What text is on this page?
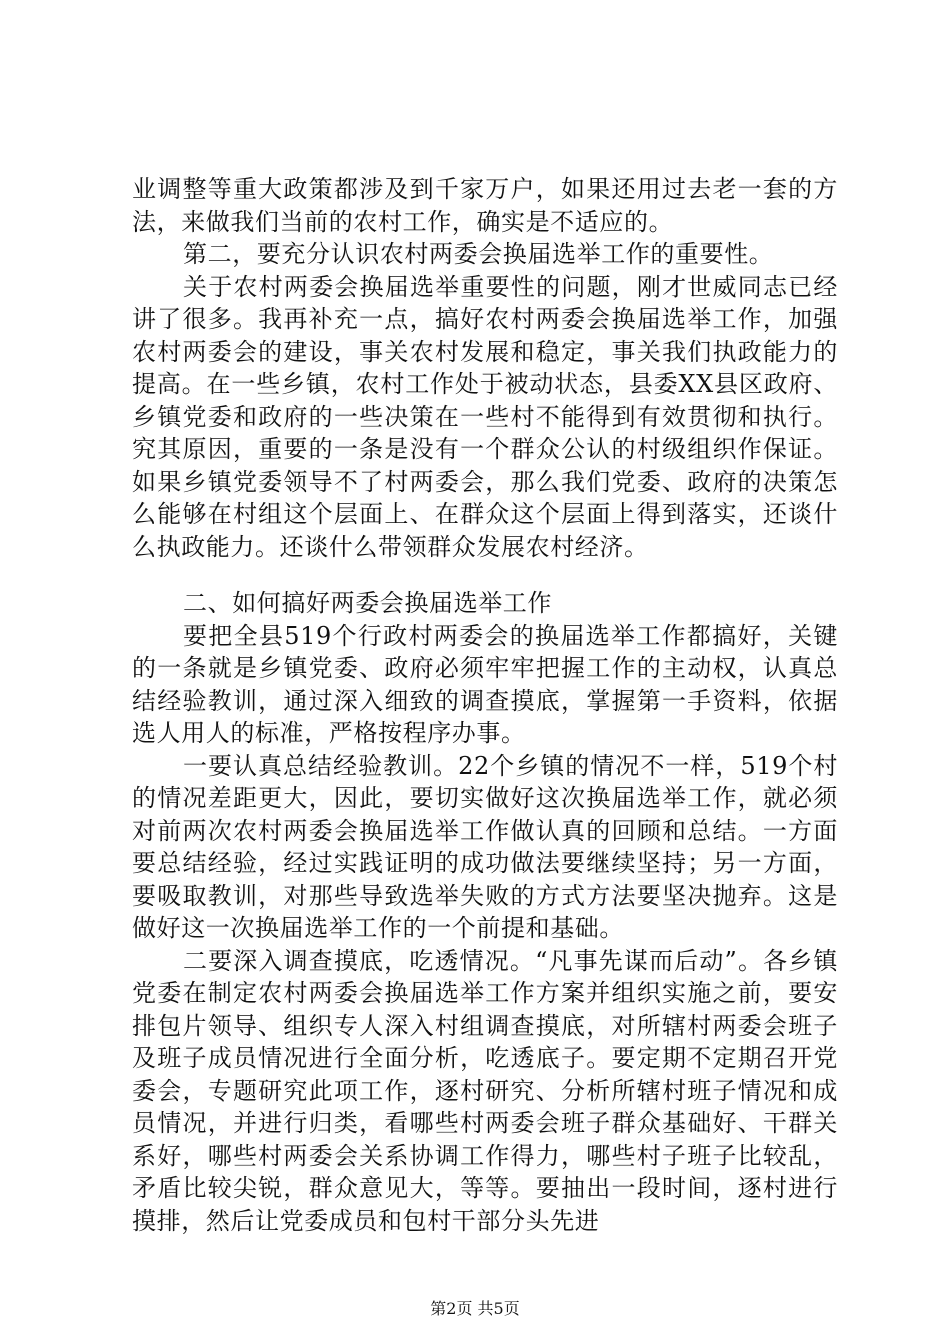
业调整等重大政策都涉及到千家万户，如果还用过去老一套的方法，来做我们当前的农村工作，确实是不适应的。

第二，要充分认识农村两委会换届选举工作的重要性。

关于农村两委会换届选举重要性的问题，刚才世威同志已经讲了很多。我再补充一点，搞好农村两委会换届选举工作，加强农村两委会的建设，事关农村发展和稳定，事关我们执政能力的提高。在一些乡镇，农村工作处于被动状态，县委XX县区政府、乡镇党委和政府的一些决策在一些村不能得到有效贯彻和执行。究其原因，重要的一条是没有一个群众公认的村级组织作保证。如果乡镇党委领导不了村两委会，那么我们党委、政府的决策怎么能够在村组这个层面上、在群众这个层面上得到落实，还谈什么执政能力。还谈什么带领群众发展农村经济。

二、如何搞好两委会换届选举工作

要把全县519个行政村两委会的换届选举工作都搞好，关键的一条就是乡镇党委、政府必须牢牢把握工作的主动权，认真总结经验教训，通过深入细致的调查摸底，掌握第一手资料，依据选人用人的标准，严格按程序办事。

一要认真总结经验教训。22个乡镇的情况不一样，519个村的情况差距更大，因此，要切实做好这次换届选举工作，就必须对前两次农村两委会换届选举工作做认真的回顾和总结。一方面要总结经验，经过实践证明的成功做法要继续坚持；另一方面，要吸取教训，对那些导致选举失败的方式方法要坚决抛弃。这是做好这一次换届选举工作的一个前提和基础。

二要深入调查摸底，吃透情况。“凡事先谋而后动”。各乡镇党委在制定农村两委会换届选举工作方案并组织实施之前，要安排包片领导、组织专人深入村组调查摸底，对所辖村两委会班子及班子成员情况进行全面分析，吃透底子。要定期不定期召开党委会，专题研究此项工作，逐村研究、分析所辖村班子情况和成员情况，并进行归类，看哪些村两委会班子群众基础好、干群关系好，哪些村两委会关系协调工作得力，哪些村子班子比较乱，矛盾比较尖锐，群众意见大，等等。要抽出一段时间，逐村进行摸排，然后让党委成员和包村干部分头先进

第2页 共5页
